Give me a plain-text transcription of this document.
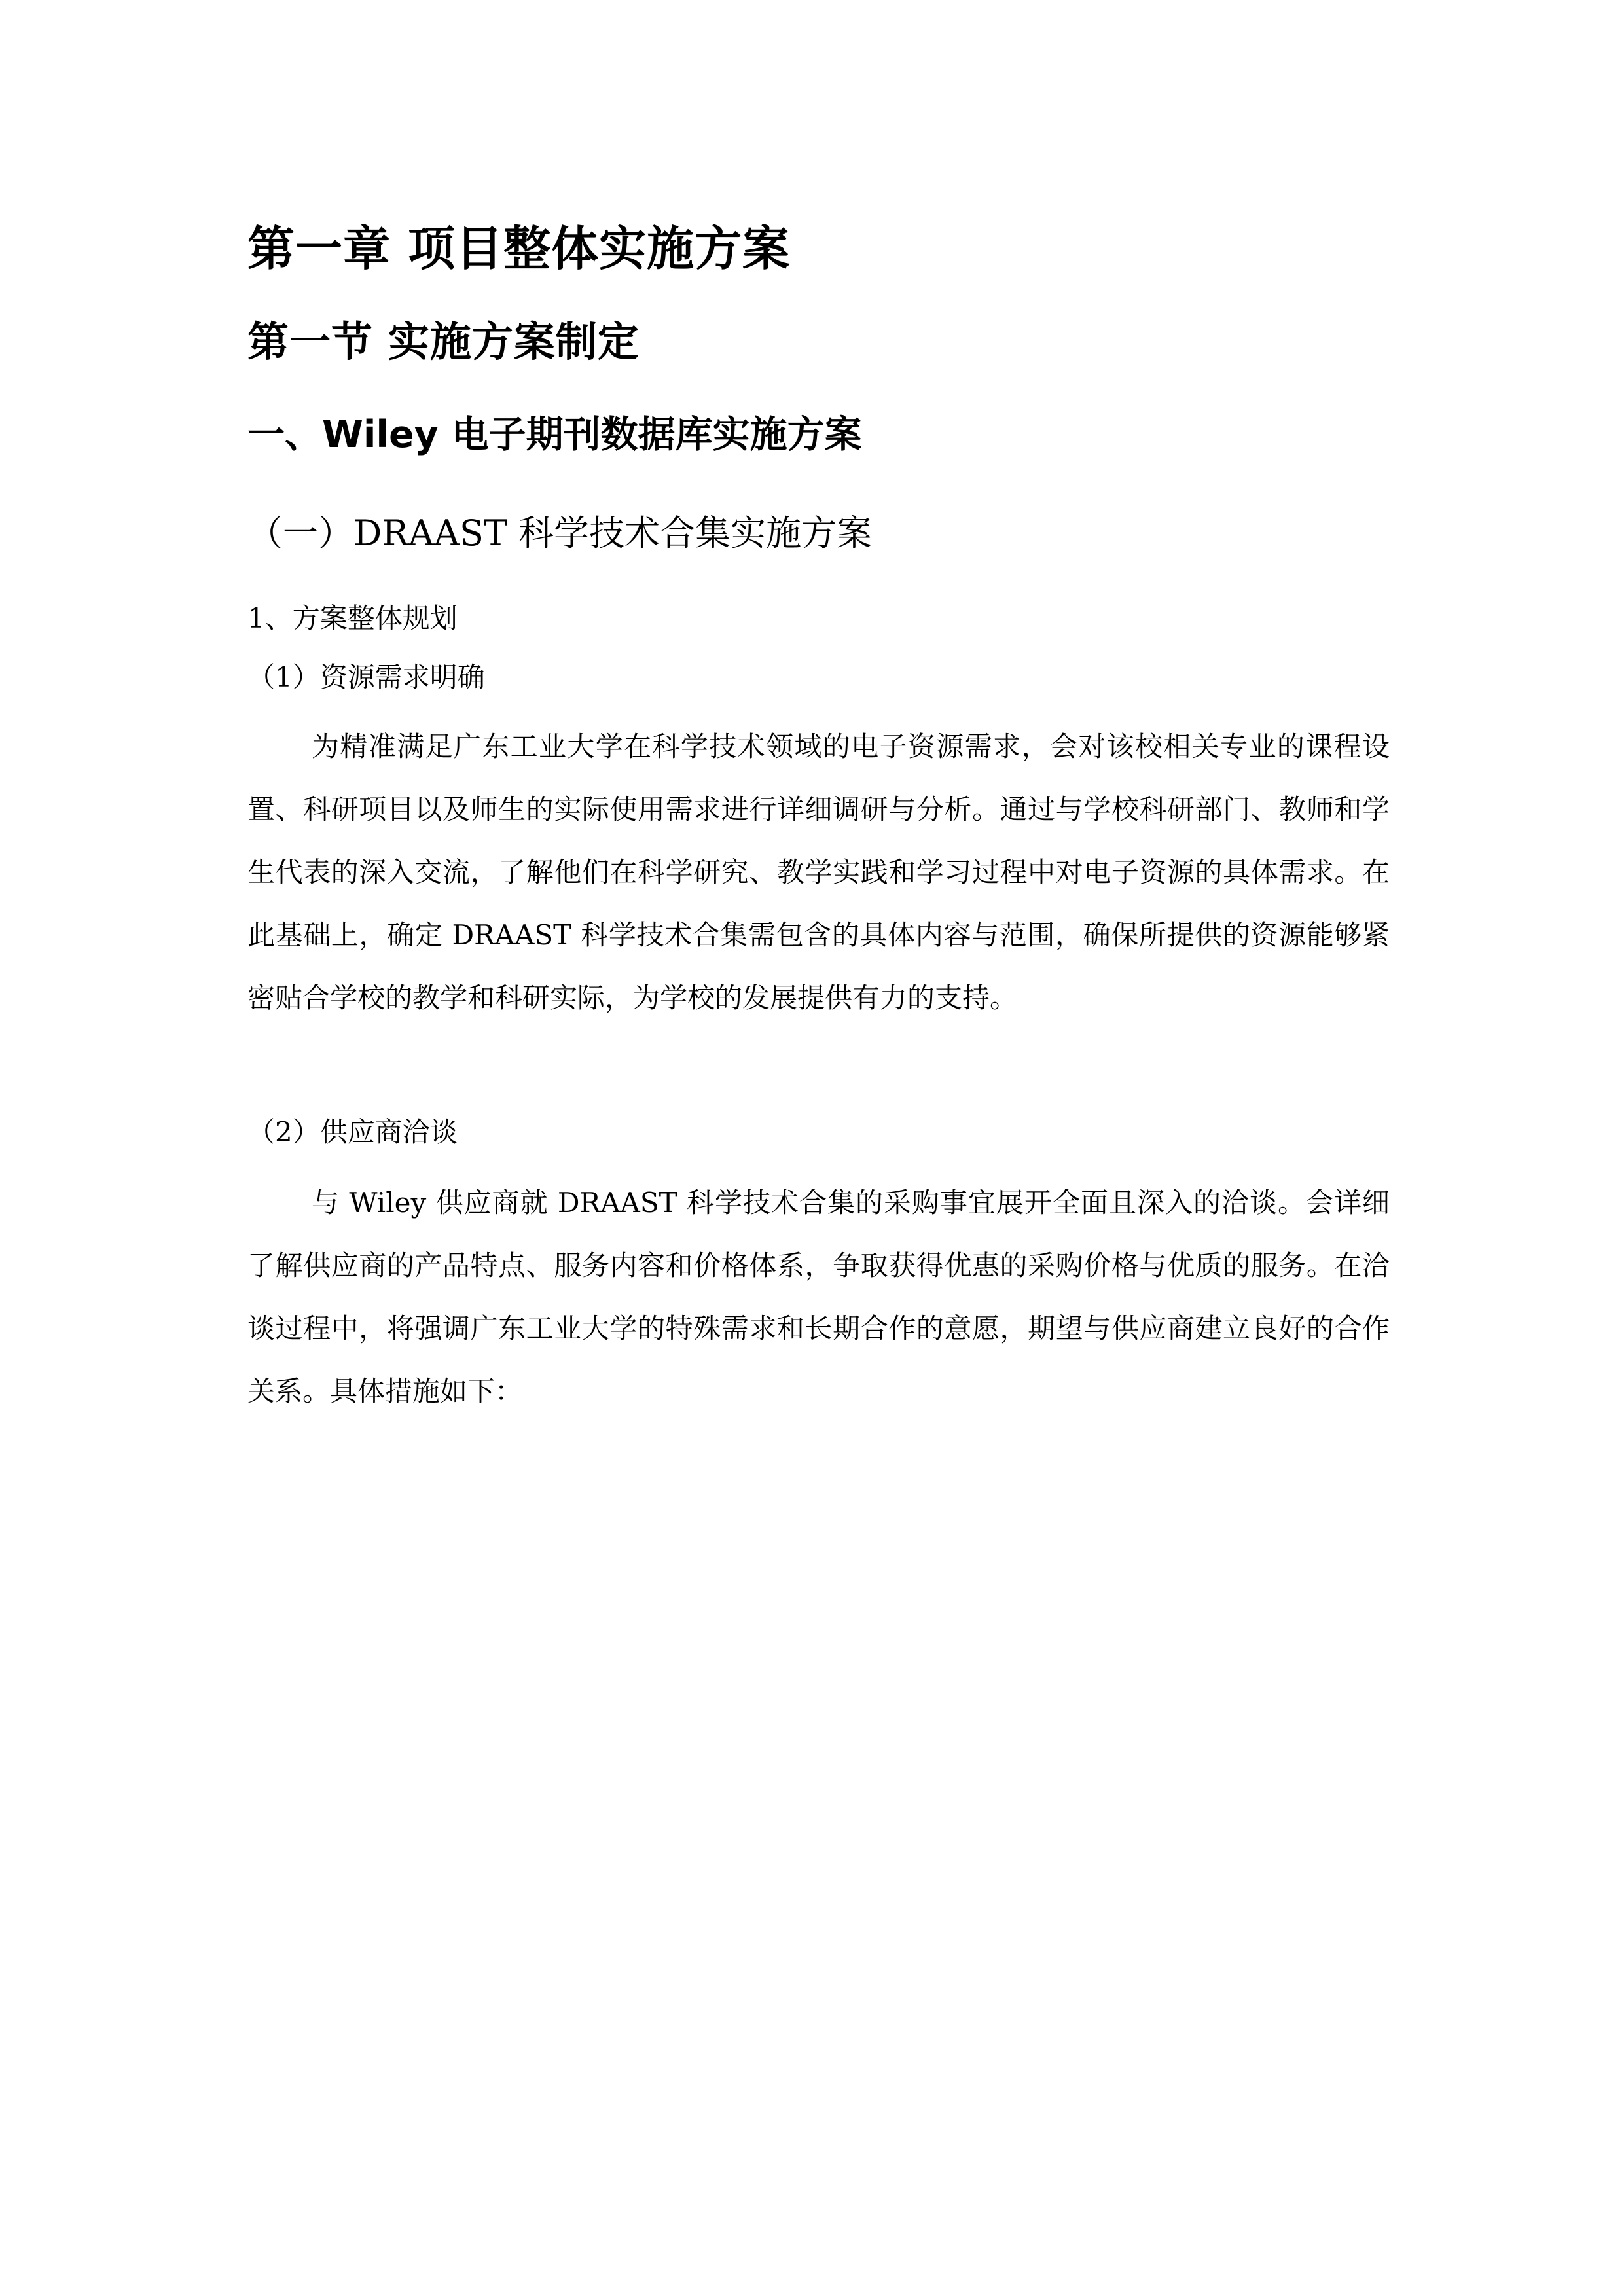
第一章 项目整体实施方案
第一节 实施方案制定
一、Wiley 电子期刊数据库实施方案
（一）DRAAST 科学技术合集实施方案
1、方案整体规划
（1）资源需求明确

为精准满足广东工业大学在科学技术领域的电子资源需求，会对该校相关专业的课程设置、科研项目以及师生的实际使用需求进行详细调研与分析。通过与学校科研部门、教师和学生代表的深入交流，了解他们在科学研究、教学实践和学习过程中对电子资源的具体需求。在此基础上，确定 DRAAST 科学技术合集需包含的具体内容与范围，确保所提供的资源能够紧密贴合学校的教学和科研实际，为学校的发展提供有力的支持。

（2）供应商洽谈

与 Wiley 供应商就 DRAAST 科学技术合集的采购事宜展开全面且深入的洽谈。会详细了解供应商的产品特点、服务内容和价格体系，争取获得优惠的采购价格与优质的服务。在洽谈过程中，将强调广东工业大学的特殊需求和长期合作的意愿，期望与供应商建立良好的合作关系。具体措施如下：
